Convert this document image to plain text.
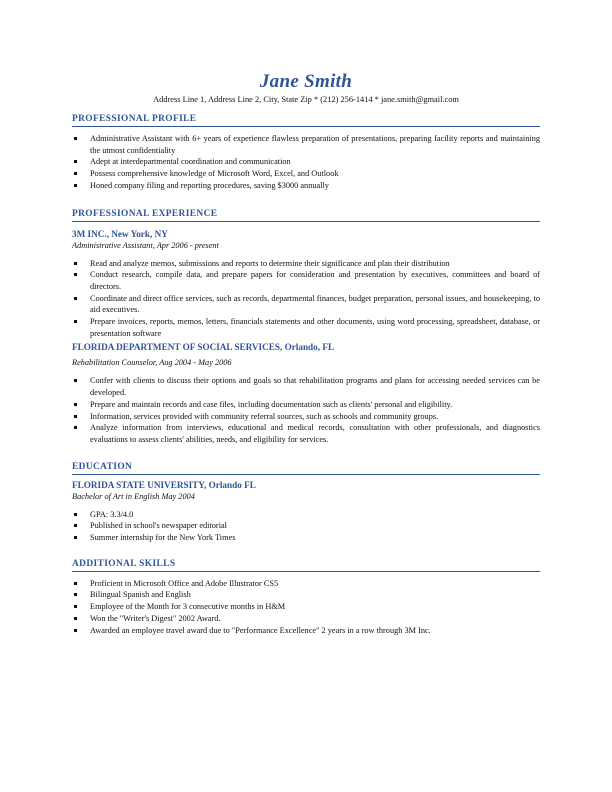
Jane Smith
Address Line 1, Address Line 2, City, State Zip * (212) 256-1414 * jane.smith@gmail.com
PROFESSIONAL PROFILE
Administrative Assistant with 6+ years of experience flawless preparation of presentations, preparing facility reports and maintaining the utmost confidentiality
Adept at interdepartmental coordination and communication
Possess comprehensive knowledge of Microsoft Word, Excel, and Outlook
Honed company filing and reporting procedures, saving $3000 annually
PROFESSIONAL EXPERIENCE
3M INC., New York, NY
Administrative Assistant, Apr 2006 - present
Read and analyze memos, submissions and reports to determine their significance and plan their distribution
Conduct research, compile data, and prepare papers for consideration and presentation by executives, committees and board of directors.
Coordinate and direct office services, such as records, departmental finances, budget preparation, personal issues, and housekeeping, to aid executives.
Prepare invoices, reports, memos, letters, financials statements and other documents, using word processing, spreadsheet, database, or presentation software
FLORIDA DEPARTMENT OF SOCIAL SERVICES, Orlando, FL
Rehabilitation Counselor, Aug 2004 - May 2006
Confer with clients to discuss their options and goals so that rehabilitation programs and plans for accessing needed services can be developed.
Prepare and maintain records and case files, including documentation such as clients' personal and eligibility.
Information, services provided with community referral sources, such as schools and community groups.
Analyze information from interviews, educational and medical records, consultation with other professionals, and diagnostics evaluations to assess clients' abilities, needs, and eligibility for services.
EDUCATION
FLORIDA STATE UNIVERSITY, Orlando FL
Bachelor of Art in English May 2004
GPA: 3.3/4.0
Published in school's newspaper editorial
Summer internship for the New York Times
ADDITIONAL SKILLS
Proficient in Microsoft Office and Adobe Illustrator CS5
Bilingual Spanish and English
Employee of the Month for 3 consecutive months in H&M
Won the "Writer's Digest" 2002 Award.
Awarded an employee travel award due to "Performance Excellence" 2 years in a row through 3M Inc.
